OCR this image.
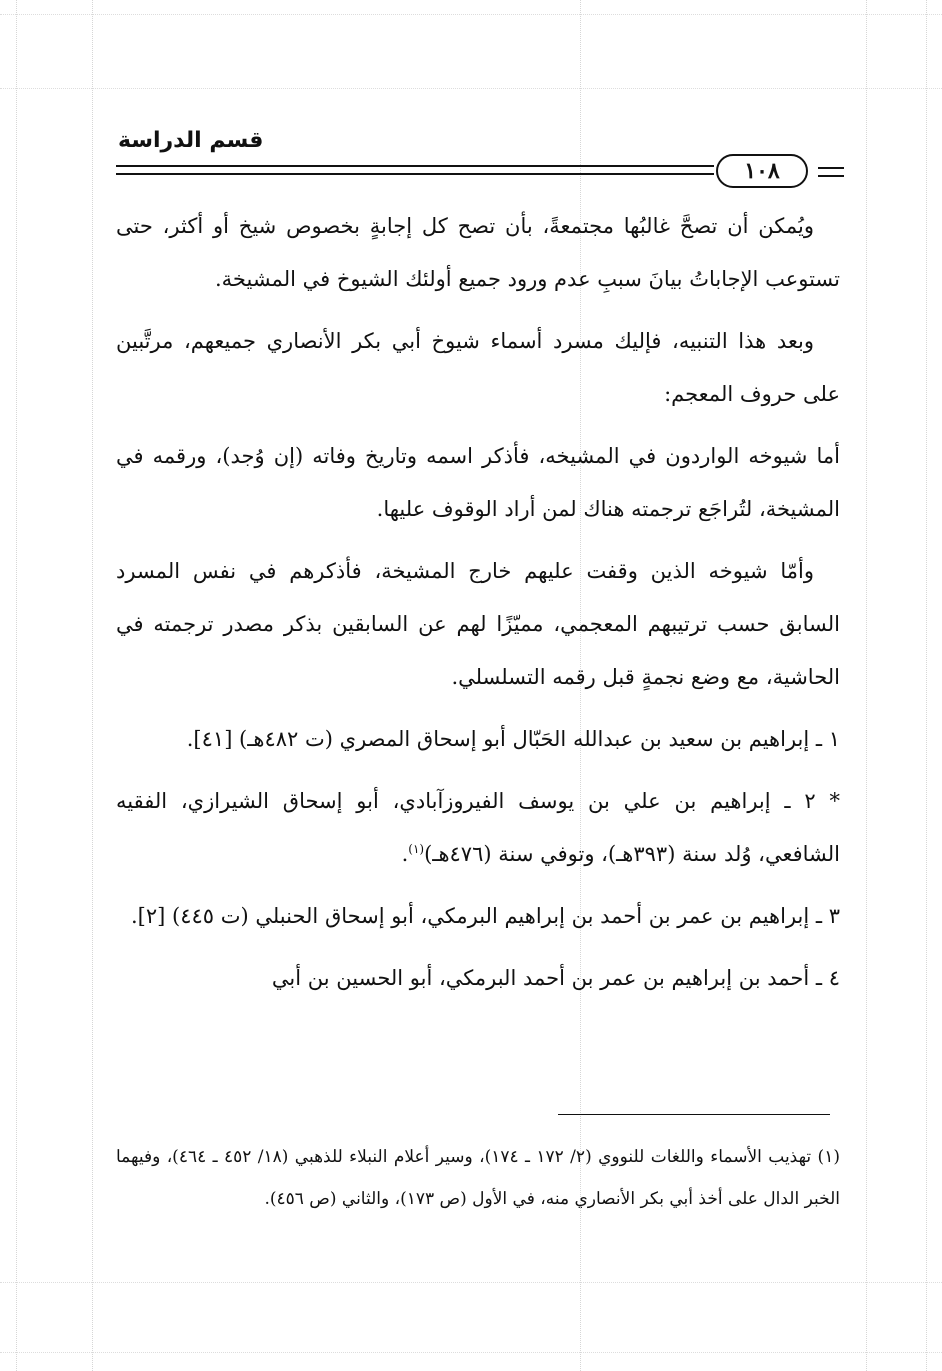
قسم الدراسة
١٠٨

ويُمكن أن تصحَّ غالبُها مجتمعةً، بأن تصح كل إجابةٍ بخصوص شيخ أو أكثر، حتى تستوعب الإجاباتُ بيانَ سببِ عدم ورود جميع أولئك الشيوخ في المشيخة.

وبعد هذا التنبيه، فإليك مسرد أسماء شيوخ أبي بكر الأنصاري جميعهم، مرتَّبين على حروف المعجم:

أما شيوخه الواردون في المشيخه، فأذكر اسمه وتاريخ وفاته (إن وُجد)، ورقمه في المشيخة، لتُراجَع ترجمته هناك لمن أراد الوقوف عليها.

وأمّا شيوخه الذين وقفت عليهم خارج المشيخة، فأذكرهم في نفس المسرد السابق حسب ترتيبهم المعجمي، مميّزًا لهم عن السابقين بذكر مصدر ترجمته في الحاشية، مع وضع نجمةٍ قبل رقمه التسلسلي.

١ ـ إبراهيم بن سعيد بن عبدالله الحَبّال أبو إسحاق المصري (ت ٤٨٢هـ) [٤١].

* ٢ ـ إبراهيم بن علي بن يوسف الفيروزآبادي، أبو إسحاق الشيرازي، الفقيه الشافعي، وُلد سنة (٣٩٣هـ)، وتوفي سنة (٤٧٦هـ)$^{(١)}$.

٣ ـ إبراهيم بن عمر بن أحمد بن إبراهيم البرمكي، أبو إسحاق الحنبلي (ت ٤٤٥) [٢].

٤ ـ أحمد بن إبراهيم بن عمر بن أحمد البرمكي، أبو الحسين بن أبي

(١) تهذيب الأسماء واللغات للنووي (٢/ ١٧٢ ـ ١٧٤)، وسير أعلام النبلاء للذهبي (١٨/ ٤٥٢ ـ ٤٦٤)، وفيهما الخبر الدال على أخذ أبي بكر الأنصاري منه، في الأول (ص ١٧٣)، والثاني (ص ٤٥٦).
